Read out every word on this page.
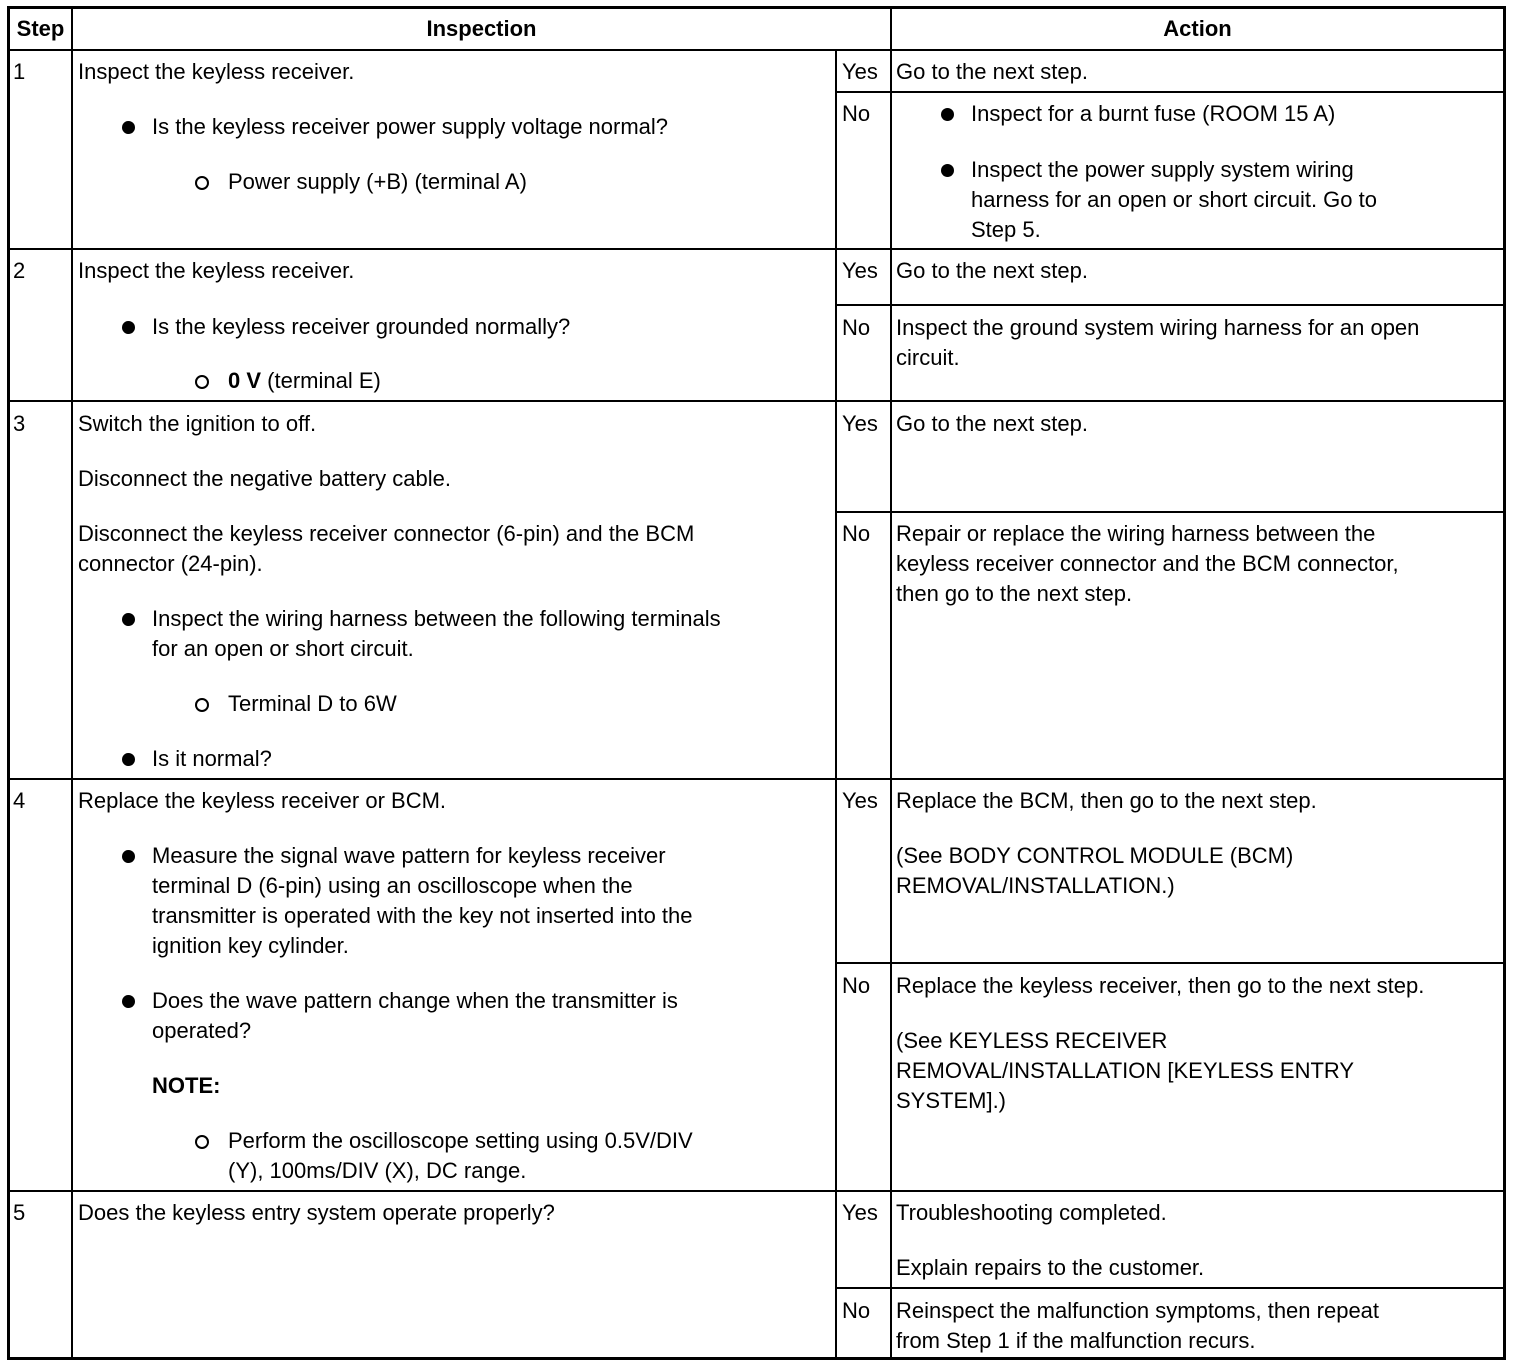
Step	Inspection	Action
1 Inspect the keyless receiver.
Is the keyless receiver power supply voltage normal?
Power supply (+B) (terminal A)
Yes Go to the next step.
No	Inspect for a burnt fuse (ROOM 15 A)
Inspect the power supply system wiring
harness for an open or short circuit. Go to
Step 5.
2 Inspect the keyless receiver.
Is the keyless receiver grounded normally?
0 V (terminal E)
Yes Go to the next step.
No Inspect the ground system wiring harness for an open
circuit.
3 Switch the ignition to off.
Disconnect the negative battery cable.
Disconnect the keyless receiver connector (6-pin) and the BCM
connector (24-pin).
Inspect the wiring harness between the following terminals
for an open or short circuit.
Terminal D to 6W
Is it normal?
Yes Go to the next step.
No Repair or replace the wiring harness between the
keyless receiver connector and the BCM connector,
then go to the next step.
4 Replace the keyless receiver or BCM.
Measure the signal wave pattern for keyless receiver
terminal D (6-pin) using an oscilloscope when the
transmitter is operated with the key not inserted into the
ignition key cylinder.
Does the wave pattern change when the transmitter is
operated?
NOTE:
Perform the oscilloscope setting using 0.5V/DIV
(Y), 100ms/DIV (X), DC range.
Yes Replace the BCM, then go to the next step.
(See BODY CONTROL MODULE (BCM)
REMOVAL/INSTALLATION.)
No Replace the keyless receiver, then go to the next step.
(See KEYLESS RECEIVER
REMOVAL/INSTALLATION [KEYLESS ENTRY
SYSTEM].)
5 Does the keyless entry system operate properly?	Yes Troubleshooting completed.
Explain repairs to the customer.
No Reinspect the malfunction symptoms, then repeat
from Step 1 if the malfunction recurs.
